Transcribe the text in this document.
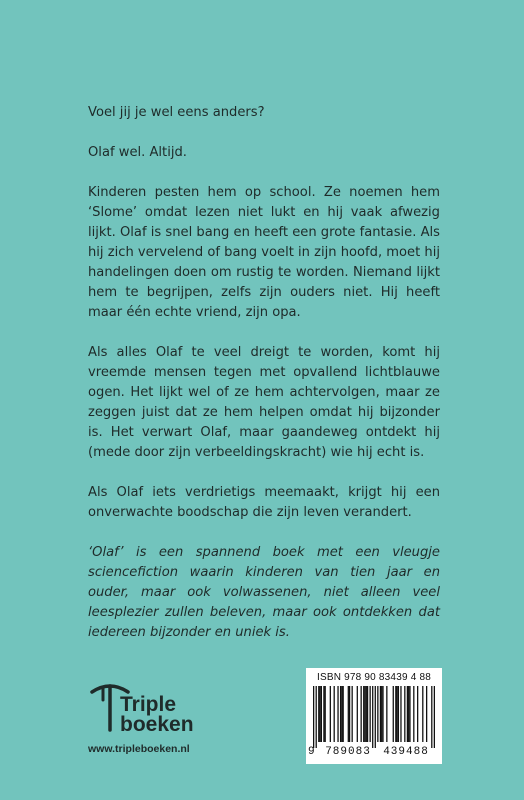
Voel jij je wel eens anders?

Olaf wel. Altijd.

Kinderen pesten hem op school. Ze noemen hem ‘Slome’ omdat lezen niet lukt en hij vaak afwezig lijkt. Olaf is snel bang en heeft een grote fantasie. Als hij zich vervelend of bang voelt in zijn hoofd, moet hij handelingen doen om rustig te worden. Niemand lijkt hem te begrijpen, zelfs zijn ouders niet. Hij heeft maar één echte vriend, zijn opa.

Als alles Olaf te veel dreigt te worden, komt hij vreemde mensen tegen met opvallend lichtblauwe ogen. Het lijkt wel of ze hem achtervolgen, maar ze zeggen juist dat ze hem helpen omdat hij bijzonder is. Het verwart Olaf, maar gaandeweg ontdekt hij (mede door zijn verbeeldingskracht) wie hij echt is.

Als Olaf iets verdrietigs meemaakt, krijgt hij een onverwachte boodschap die zijn leven verandert.

‘Olaf’ is een spannend boek met een vleugje sciencefiction waarin kinderen van tien jaar en ouder, maar ook volwassenen, niet alleen veel leesplezier zullen beleven, maar ook ontdekken dat iedereen bijzonder en uniek is.

Triple
boeken
www.tripleboeken.nl
ISBN 978 90 83439 4 88
9 789083	439488
